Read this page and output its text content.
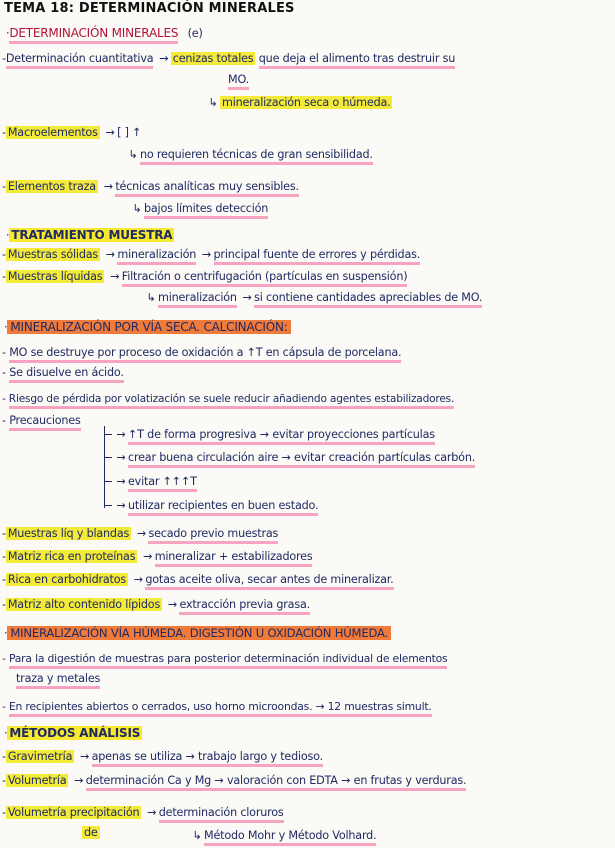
TEMA 18: DETERMINACIÓN MINERALES
·DETERMINACIÓN MINERALES (e)
-Determinación cuantitativa → cenizas totales que deja el alimento tras destruir su
MO.
↳ mineralización seca o húmeda.
- Macroelementos → [ ] ↑
↳ no requieren técnicas de gran sensibilidad.
- Elementos traza → técnicas analíticas muy sensibles.
↳ bajos límites detección
· TRATAMIENTO MUESTRA
- Muestras sólidas → mineralización → principal fuente de errores y pérdidas.
- Muestras líquidas → Filtración o centrifugación (partículas en suspensión)
↳ mineralización → si contiene cantidades apreciables de MO.
· MINERALIZACIÓN POR VÍA SECA. CALCINACIÓN:
- MO se destruye por proceso de oxidación a ↑T en cápsula de porcelana.
- Se disuelve en ácido.
- Riesgo de pérdida por volatización se suele reducir añadiendo agentes estabilizadores.
- Precauciones
→ ↑T de forma progresiva → evitar proyecciones partículas
→ crear buena circulación aire → evitar creación partículas carbón.
→ evitar ↑↑↑T
→ utilizar recipientes en buen estado.
- Muestras líq y blandas → secado previo muestras
- Matriz rica en proteínas → mineralizar + estabilizadores
- Rica en carbohidratos → gotas aceite oliva, secar antes de mineralizar.
- Matriz alto contenido lípidos → extracción previa grasa.
· MINERALIZACIÓN VÍA HÚMEDA. DIGESTIÓN U OXIDACIÓN HÚMEDA.
- Para la digestión de muestras para posterior determinación individual de elementos
traza y metales
- En recipientes abiertos o cerrados, uso horno microondas. → 12 muestras simult.
· MÉTODOS ANÁLISIS
- Gravimetría → apenas se utiliza → trabajo largo y tedioso.
- Volumetría → determinación Ca y Mg → valoración con EDTA → en frutas y verduras.
- Volumetría precipitación → determinación cloruros
de	↳ Método Mohr y Método Volhard.
